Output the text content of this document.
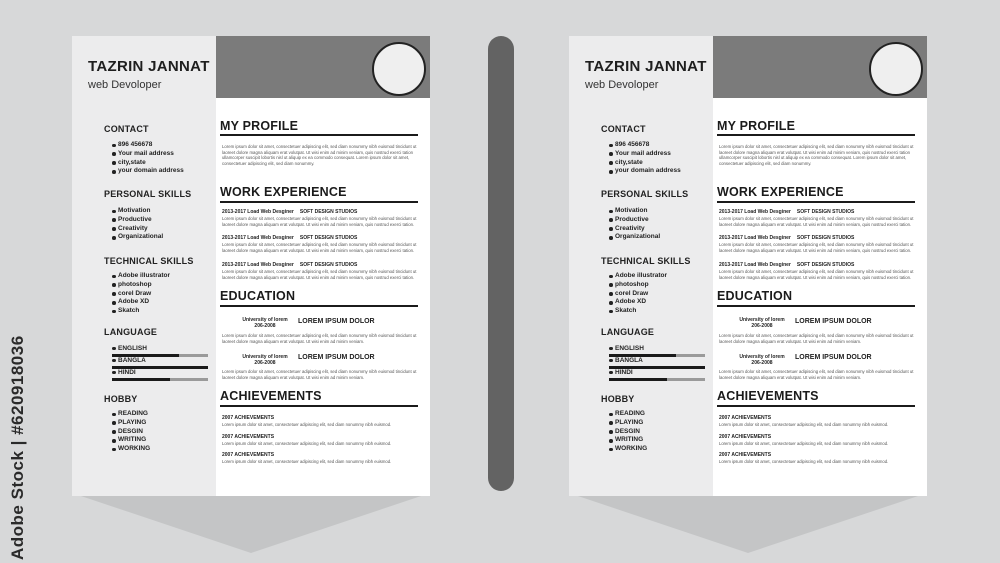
Adobe Stock | #620918036
TAZRIN JANNAT
web Devoloper
CONTACT
896 456678
Your mail address
city,state
your domain address
PERSONAL SKILLS
Motivation
Productive
Creativity
Organizational
TECHNICAL SKILLS
Adobe illustrator
photoshop
corel Draw
Adobe XD
Skatch
LANGUAGE
ENGLISH
BANGLA
HINDI
HOBBY
READING
PLAYING
DESGIN
WRITING
WORKING
MY PROFILE
Lorem ipsum dolor sit amet, consectetuer adipiscing elit, sed diam nonummy nibh euismod tincidunt ut laoreet dolore magna aliquam erat volutpat. Ut wisi enim ad minim veniam, quis nostrud exerci tation ullamcorper suscipit lobortis nisl ut aliquip ex ea commodo consequat. Lorem ipsum dolor sit amet, consectetuer adipiscing elit, sed diam nonummy.
WORK EXPERIENCE
2013-2017 Load Web Desginer SOFT DESIGN STUDIOS
Lorem ipsum dolor sit amet, consectetuer adipiscing elit, sed diam nonummy nibh euismod tincidunt ut laoreet dolore magna aliquam erat volutpat. Ut wisi enim ad minim veniam, quis nostrud exerci tation.
2013-2017 Load Web Desginer SOFT DESIGN STUDIOS
Lorem ipsum dolor sit amet, consectetuer adipiscing elit, sed diam nonummy nibh euismod tincidunt ut laoreet dolore magna aliquam erat volutpat. Ut wisi enim ad minim veniam, quis nostrud exerci tation.
2013-2017 Load Web Desginer SOFT DESIGN STUDIOS
Lorem ipsum dolor sit amet, consectetuer adipiscing elit, sed diam nonummy nibh euismod tincidunt ut laoreet dolore magna aliquam erat volutpat. Ut wisi enim ad minim veniam, quis nostrud exerci tation.
EDUCATION
University of lorem
206-2008
LOREM IPSUM DOLOR
Lorem ipsum dolor sit amet, consectetuer adipiscing elit, sed diam nonummy nibh euismod tincidunt ut laoreet dolore magna aliquam erat volutpat. Ut wisi enim ad minim veniam.
University of lorem
206-2008
LOREM IPSUM DOLOR
Lorem ipsum dolor sit amet, consectetuer adipiscing elit, sed diam nonummy nibh euismod tincidunt ut laoreet dolore magna aliquam erat volutpat. Ut wisi enim ad minim veniam.
ACHIEVEMENTS
2007 ACHIEVEMENTS
Lorem ipsum dolor sit amet, consectetuer adipiscing elit, sed diam nonummy nibh euismod.
2007 ACHIEVEMENTS
Lorem ipsum dolor sit amet, consectetuer adipiscing elit, sed diam nonummy nibh euismod.
2007 ACHIEVEMENTS
Lorem ipsum dolor sit amet, consectetuer adipiscing elit, sed diam nonummy nibh euismod.
TAZRIN JANNAT
web Devoloper
CONTACT
896 456678
Your mail address
city,state
your domain address
PERSONAL SKILLS
Motivation
Productive
Creativity
Organizational
TECHNICAL SKILLS
Adobe illustrator
photoshop
corel Draw
Adobe XD
Skatch
LANGUAGE
ENGLISH
BANGLA
HINDI
HOBBY
READING
PLAYING
DESGIN
WRITING
WORKING
MY PROFILE
Lorem ipsum dolor sit amet, consectetuer adipiscing elit, sed diam nonummy nibh euismod tincidunt ut laoreet dolore magna aliquam erat volutpat. Ut wisi enim ad minim veniam, quis nostrud exerci tation ullamcorper suscipit lobortis nisl ut aliquip ex ea commodo consequat. Lorem ipsum dolor sit amet, consectetuer adipiscing elit, sed diam nonummy.
WORK EXPERIENCE
2013-2017 Load Web Desginer SOFT DESIGN STUDIOS
Lorem ipsum dolor sit amet, consectetuer adipiscing elit, sed diam nonummy nibh euismod tincidunt ut laoreet dolore magna aliquam erat volutpat. Ut wisi enim ad minim veniam, quis nostrud exerci tation.
2013-2017 Load Web Desginer SOFT DESIGN STUDIOS
Lorem ipsum dolor sit amet, consectetuer adipiscing elit, sed diam nonummy nibh euismod tincidunt ut laoreet dolore magna aliquam erat volutpat. Ut wisi enim ad minim veniam, quis nostrud exerci tation.
2013-2017 Load Web Desginer SOFT DESIGN STUDIOS
Lorem ipsum dolor sit amet, consectetuer adipiscing elit, sed diam nonummy nibh euismod tincidunt ut laoreet dolore magna aliquam erat volutpat. Ut wisi enim ad minim veniam, quis nostrud exerci tation.
EDUCATION
University of lorem
206-2008
LOREM IPSUM DOLOR
Lorem ipsum dolor sit amet, consectetuer adipiscing elit, sed diam nonummy nibh euismod tincidunt ut laoreet dolore magna aliquam erat volutpat. Ut wisi enim ad minim veniam.
University of lorem
206-2008
LOREM IPSUM DOLOR
Lorem ipsum dolor sit amet, consectetuer adipiscing elit, sed diam nonummy nibh euismod tincidunt ut laoreet dolore magna aliquam erat volutpat. Ut wisi enim ad minim veniam.
ACHIEVEMENTS
2007 ACHIEVEMENTS
Lorem ipsum dolor sit amet, consectetuer adipiscing elit, sed diam nonummy nibh euismod.
2007 ACHIEVEMENTS
Lorem ipsum dolor sit amet, consectetuer adipiscing elit, sed diam nonummy nibh euismod.
2007 ACHIEVEMENTS
Lorem ipsum dolor sit amet, consectetuer adipiscing elit, sed diam nonummy nibh euismod.
